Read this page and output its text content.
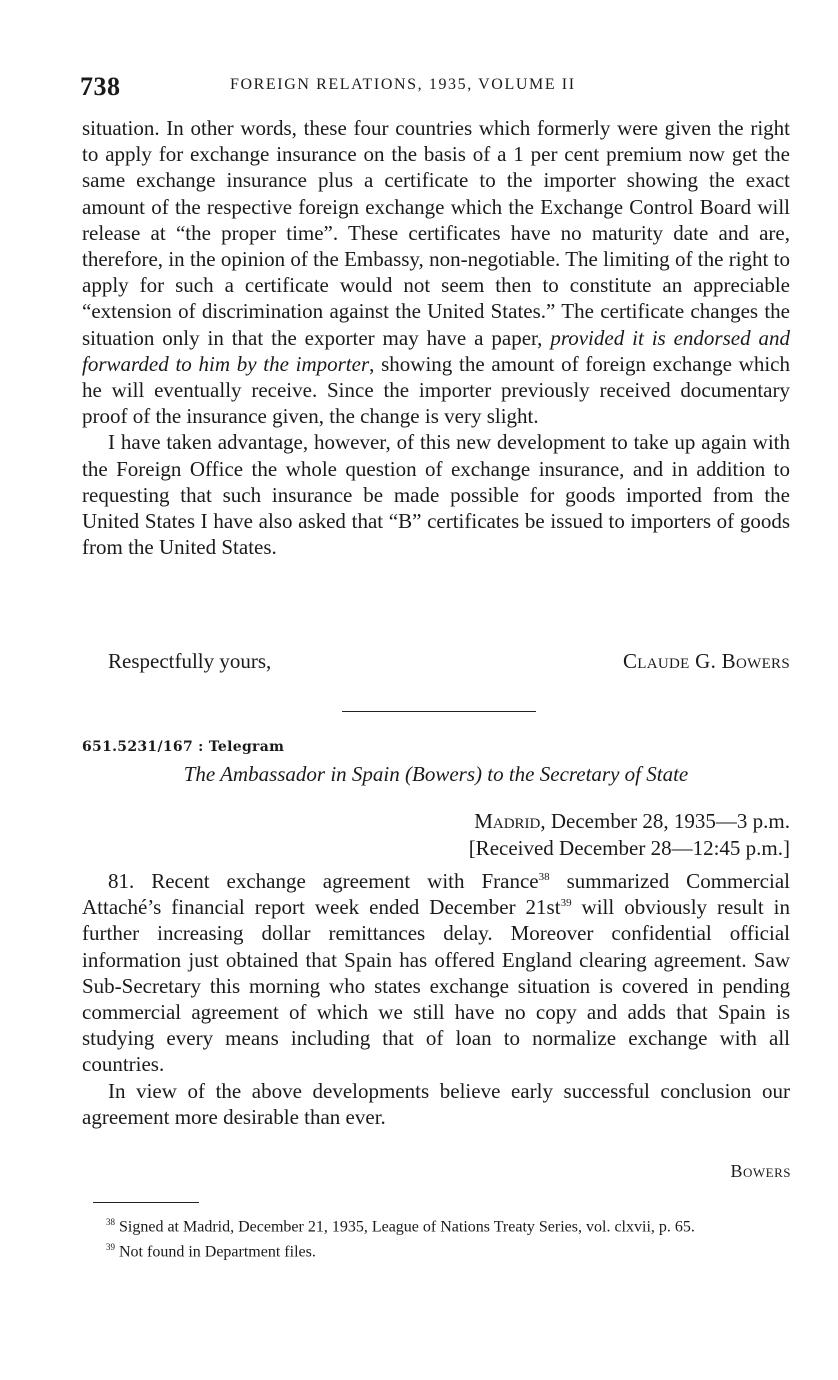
738	FOREIGN RELATIONS, 1935, VOLUME II

situation. In other words, these four countries which formerly were given the right to apply for exchange insurance on the basis of a 1 per cent premium now get the same exchange insurance plus a certificate to the importer showing the exact amount of the respective foreign exchange which the Exchange Control Board will release at “the proper time”. These certificates have no maturity date and are, therefore, in the opinion of the Embassy, non-negotiable. The limiting of the right to apply for such a certificate would not seem then to constitute an appreciable “extension of discrimination against the United States.” The certificate changes the situation only in that the exporter may have a paper, provided it is endorsed and forwarded to him by the importer, showing the amount of foreign exchange which he will eventually receive. Since the importer previously received documentary proof of the insurance given, the change is very slight.

I have taken advantage, however, of this new development to take up again with the Foreign Office the whole question of exchange insurance, and in addition to requesting that such insurance be made possible for goods imported from the United States I have also asked that “B” certificates be issued to importers of goods from the United States.

Respectfully yours,	Claude G. Bowers
651.5231/167 : Telegram
The Ambassador in Spain (Bowers) to the Secretary of State
Madrid, December 28, 1935—3 p.m.
[Received December 28—12:45 p.m.]

81. Recent exchange agreement with France$^{38}$ summarized Commercial Attaché’s financial report week ended December 21st$^{39}$ will obviously result in further increasing dollar remittances delay. Moreover confidential official information just obtained that Spain has offered England clearing agreement. Saw Sub-Secretary this morning who states exchange situation is covered in pending commercial agreement of which we still have no copy and adds that Spain is studying every means including that of loan to normalize exchange with all countries.

In view of the above developments believe early successful conclusion our agreement more desirable than ever.

Bowers

$^{38}$ Signed at Madrid, December 21, 1935, League of Nations Treaty Series, vol. clxvii, p. 65.

$^{39}$ Not found in Department files.
